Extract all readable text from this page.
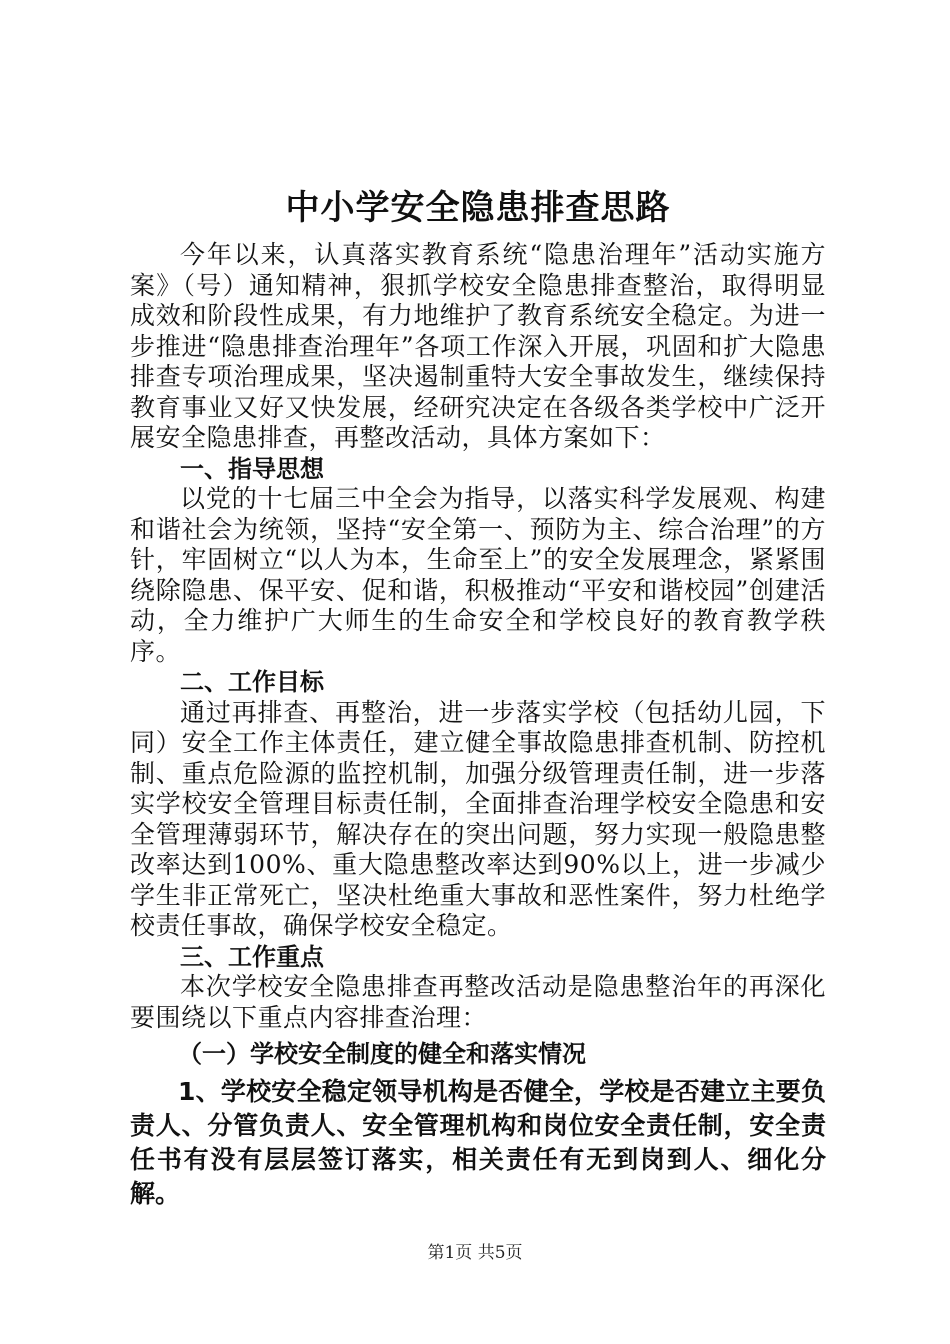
中小学安全隐患排查思路

今年以来，认真落实教育系统“隐患治理年”活动实施方案》（号）通知精神，狠抓学校安全隐患排查整治，取得明显成效和阶段性成果，有力地维护了教育系统安全稳定。为进一步推进“隐患排查治理年”各项工作深入开展，巩固和扩大隐患排查专项治理成果，坚决遏制重特大安全事故发生，继续保持教育事业又好又快发展，经研究决定在各级各类学校中广泛开展安全隐患排查，再整改活动，具体方案如下：

一、指导思想

以党的十七届三中全会为指导，以落实科学发展观、构建和谐社会为统领，坚持“安全第一、预防为主、综合治理”的方针，牢固树立“以人为本，生命至上”的安全发展理念，紧紧围绕除隐患、保平安、促和谐，积极推动“平安和谐校园”创建活动，全力维护广大师生的生命安全和学校良好的教育教学秩序。

二、工作目标

通过再排查、再整治，进一步落实学校（包括幼儿园，下同）安全工作主体责任，建立健全事故隐患排查机制、防控机制、重点危险源的监控机制，加强分级管理责任制，进一步落实学校安全管理目标责任制，全面排查治理学校安全隐患和安全管理薄弱环节，解决存在的突出问题，努力实现一般隐患整改率达到100%、重大隐患整改率达到90%以上，进一步减少学生非正常死亡，坚决杜绝重大事故和恶性案件，努力杜绝学校责任事故，确保学校安全稳定。

三、工作重点

本次学校安全隐患排查再整改活动是隐患整治年的再深化要围绕以下重点内容排查治理：

（一）学校安全制度的健全和落实情况

1、学校安全稳定领导机构是否健全，学校是否建立主要负责人、分管负责人、安全管理机构和岗位安全责任制，安全责任书有没有层层签订落实，相关责任有无到岗到人、细化分解。

第1页 共5页
